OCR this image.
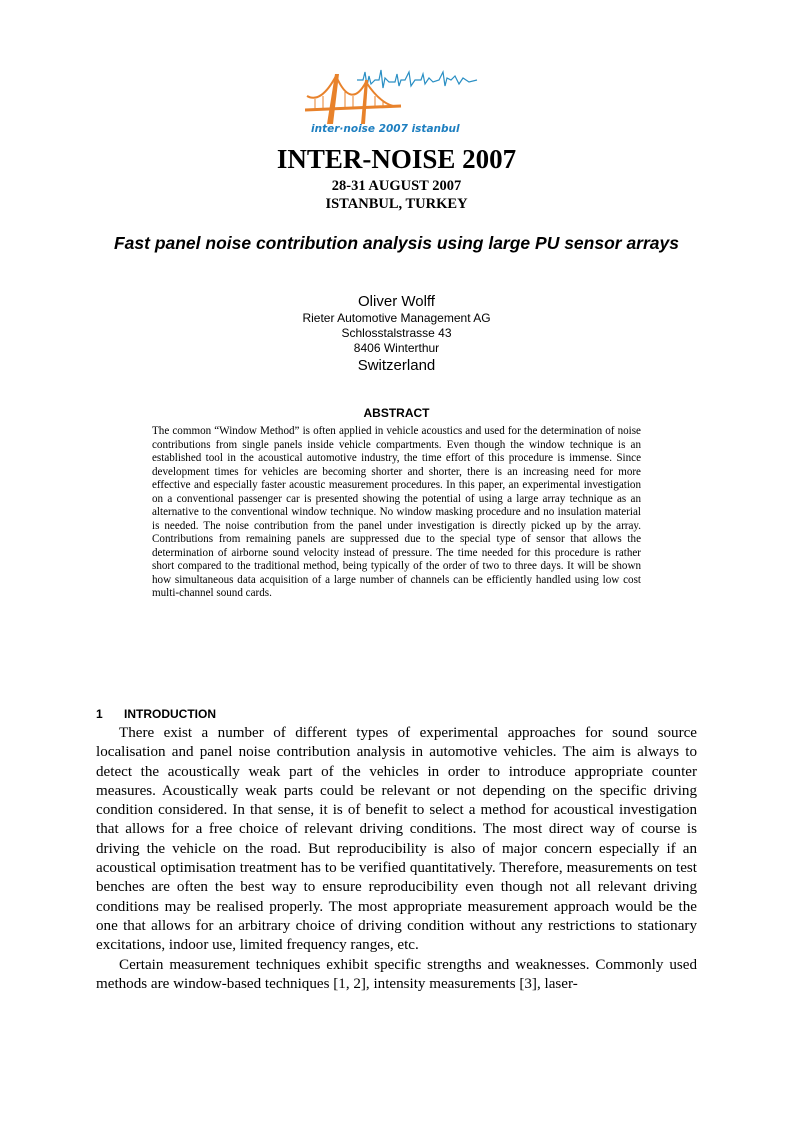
inter·noise 2007 istanbul
INTER-NOISE 2007
28-31 AUGUST 2007
ISTANBUL, TURKEY
Fast panel noise contribution analysis using large PU sensor arrays
Oliver Wolff
Rieter Automotive Management AG
Schlosstalstrasse 43
8406 Winterthur
Switzerland
ABSTRACT
The common “Window Method” is often applied in vehicle acoustics and used for the determination of noise contributions from single panels inside vehicle compartments. Even though the window technique is an established tool in the acoustical automotive industry, the time effort of this procedure is immense. Since development times for vehicles are becoming shorter and shorter, there is an increasing need for more effective and especially faster acoustic measurement procedures. In this paper, an experimental investigation on a conventional passenger car is presented showing the potential of using a large array technique as an alternative to the conventional window technique. No window masking procedure and no insulation material is needed. The noise contribution from the panel under investigation is directly picked up by the array. Contributions from remaining panels are suppressed due to the special type of sensor that allows the determination of airborne sound velocity instead of pressure. The time needed for this procedure is rather short compared to the traditional method, being typically of the order of two to three days. It will be shown how simultaneous data acquisition of a large number of channels can be efficiently handled using low cost multi-channel sound cards.
1 INTRODUCTION

There exist a number of different types of experimental approaches for sound source localisation and panel noise contribution analysis in automotive vehicles. The aim is always to detect the acoustically weak part of the vehicles in order to introduce appropriate counter measures. Acoustically weak parts could be relevant or not depending on the specific driving condition considered. In that sense, it is of benefit to select a method for acoustical investigation that allows for a free choice of relevant driving conditions. The most direct way of course is driving the vehicle on the road. But reproducibility is also of major concern especially if an acoustical optimisation treatment has to be verified quantitatively. Therefore, measurements on test benches are often the best way to ensure reproducibility even though not all relevant driving conditions may be realised properly. The most appropriate measurement approach would be the one that allows for an arbitrary choice of driving condition without any restrictions to stationary excitations, indoor use, limited frequency ranges, etc.

Certain measurement techniques exhibit specific strengths and weaknesses. Commonly used methods are window-based techniques [1, 2], intensity measurements [3], laser-
